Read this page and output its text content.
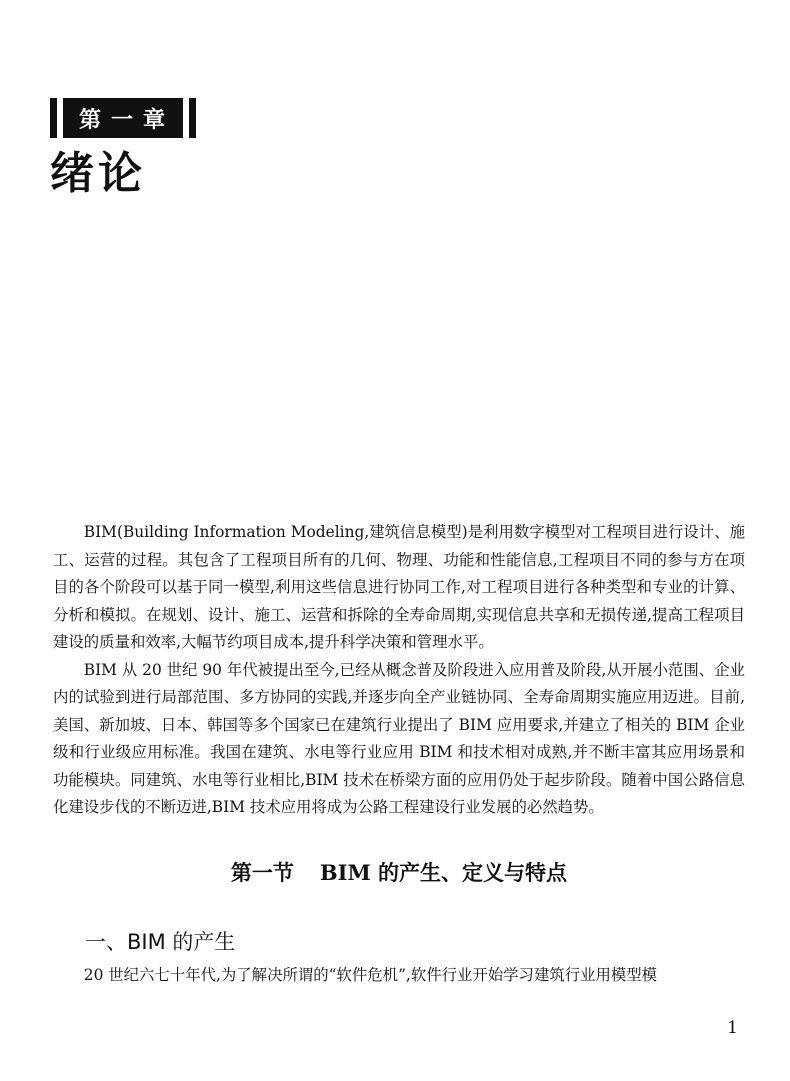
第一章
绪论

BIM(Building Information Modeling,建筑信息模型)是利用数字模型对工程项目进行设计、施工、运营的过程。其包含了工程项目所有的几何、物理、功能和性能信息,工程项目不同的参与方在项目的各个阶段可以基于同一模型,利用这些信息进行协同工作,对工程项目进行各种类型和专业的计算、分析和模拟。在规划、设计、施工、运营和拆除的全寿命周期,实现信息共享和无损传递,提高工程项目建设的质量和效率,大幅节约项目成本,提升科学决策和管理水平。

BIM 从 20 世纪 90 年代被提出至今,已经从概念普及阶段进入应用普及阶段,从开展小范围、企业内的试验到进行局部范围、多方协同的实践,并逐步向全产业链协同、全寿命周期实施应用迈进。目前,美国、新加坡、日本、韩国等多个国家已在建筑行业提出了 BIM 应用要求,并建立了相关的 BIM 企业级和行业级应用标准。我国在建筑、水电等行业应用 BIM 和技术相对成熟,并不断丰富其应用场景和功能模块。同建筑、水电等行业相比,BIM 技术在桥梁方面的应用仍处于起步阶段。随着中国公路信息化建设步伐的不断迈进,BIM 技术应用将成为公路工程建设行业发展的必然趋势。

第一节 BIM 的产生、定义与特点
一、BIM 的产生

20 世纪六七十年代,为了解决所谓的“软件危机”,软件行业开始学习建筑行业用模型模

1
